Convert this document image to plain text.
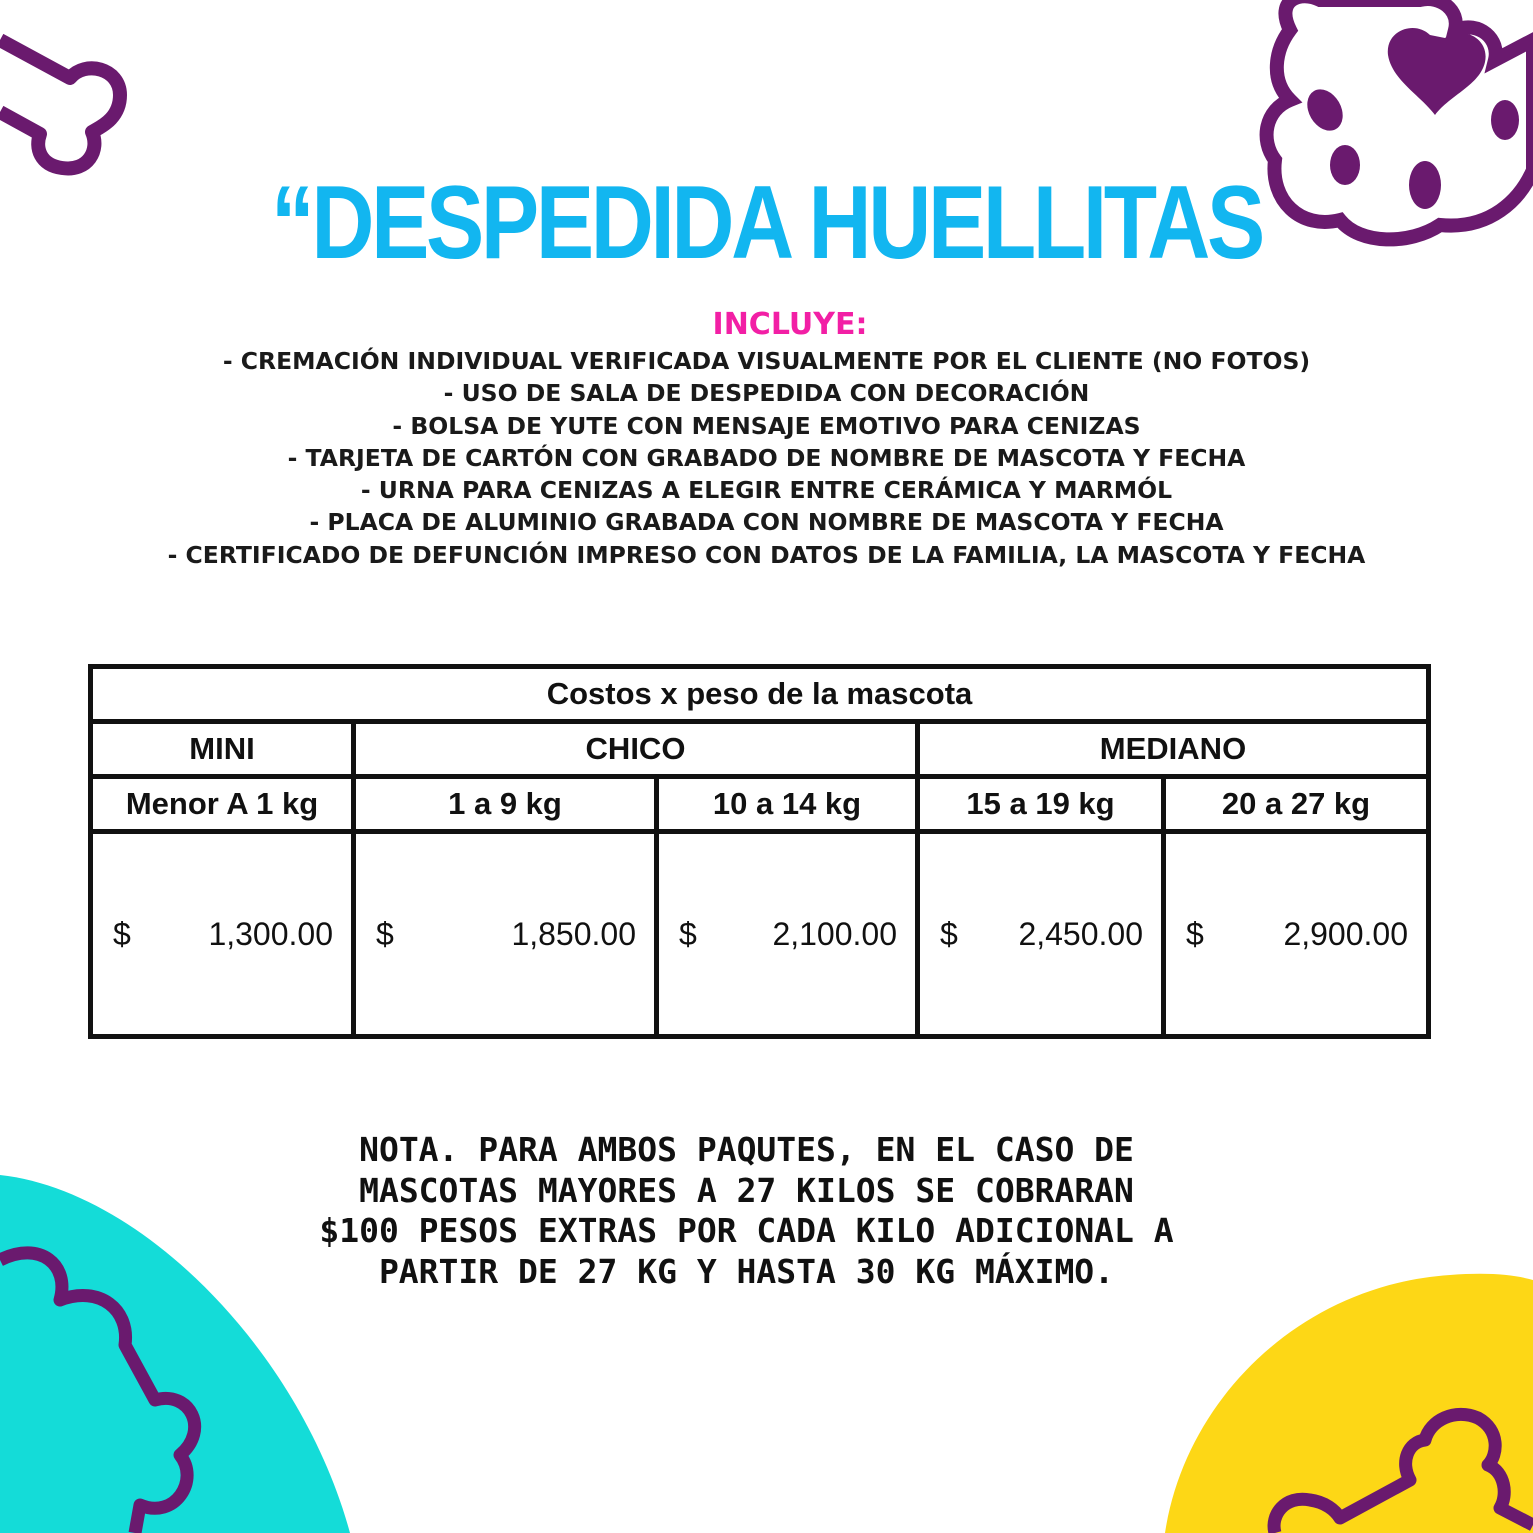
“DESPEDIDA HUELLITAS
INCLUYE:
- CREMACIÓN INDIVIDUAL VERIFICADA VISUALMENTE POR EL CLIENTE (NO FOTOS)
- USO DE SALA DE DESPEDIDA CON DECORACIÓN
- BOLSA DE YUTE CON MENSAJE EMOTIVO PARA CENIZAS
- TARJETA DE CARTÓN CON GRABADO DE NOMBRE DE MASCOTA Y FECHA
- URNA PARA CENIZAS A ELEGIR ENTRE CERÁMICA Y MARMÓL
- PLACA DE ALUMINIO GRABADA CON NOMBRE DE MASCOTA Y FECHA
- CERTIFICADO DE DEFUNCIÓN IMPRESO CON DATOS DE LA FAMILIA, LA MASCOTA Y FECHA
Costos x peso de la mascota				
MINI	CHICO		MEDIANO	
Menor A 1 kg	1 a 9 kg	10 a 14 kg	15 a 19 kg	20 a 27 kg

$ 1,300.00	$ 1,850.00	$ 2,100.00	$ 2,450.00	$ 2,900.00
NOTA. PARA AMBOS PAQUTES, EN EL CASO DE
MASCOTAS MAYORES A 27 KILOS SE COBRARAN
$100 PESOS EXTRAS POR CADA KILO ADICIONAL A
PARTIR DE 27 KG Y HASTA 30 KG MÁXIMO.
